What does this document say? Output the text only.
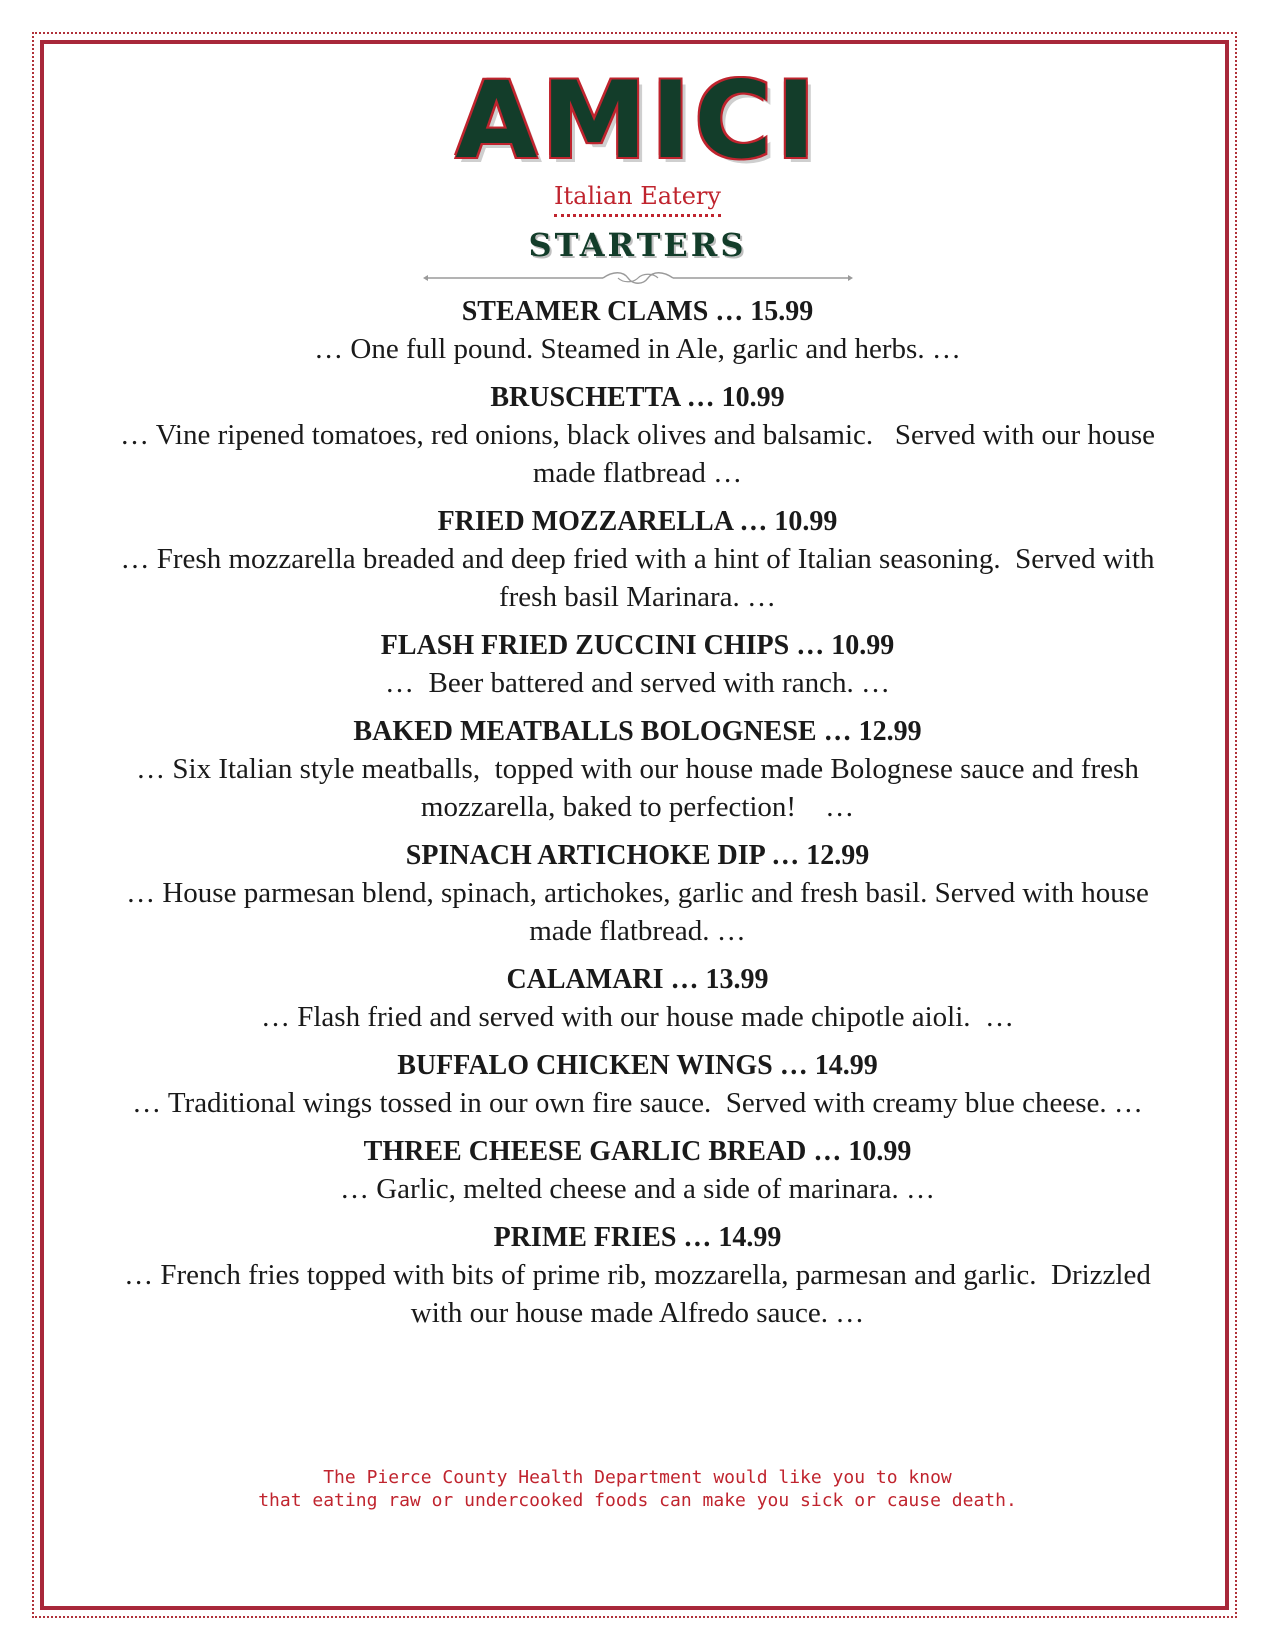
AMICI
Italian Eatery
STARTERS
STEAMER CLAMS … 15.99
… One full pound. Steamed in Ale, garlic and herbs. …
BRUSCHETTA … 10.99
… Vine ripened tomatoes, red onions, black olives and balsamic.   Served with our house made flatbread …
FRIED MOZZARELLA … 10.99
… Fresh mozzarella breaded and deep fried with a hint of Italian seasoning.  Served with fresh basil Marinara. …
FLASH FRIED ZUCCINI CHIPS … 10.99
…  Beer battered and served with ranch. …
BAKED MEATBALLS BOLOGNESE … 12.99
… Six Italian style meatballs,  topped with our house made Bolognese sauce and fresh mozzarella, baked to perfection!    …
SPINACH ARTICHOKE DIP … 12.99
… House parmesan blend, spinach, artichokes, garlic and fresh basil. Served with house made flatbread. …
CALAMARI … 13.99
… Flash fried and served with our house made chipotle aioli.  …
BUFFALO CHICKEN WINGS … 14.99
… Traditional wings tossed in our own fire sauce.  Served with creamy blue cheese. …
THREE CHEESE GARLIC BREAD … 10.99
… Garlic, melted cheese and a side of marinara. …
PRIME FRIES … 14.99
… French fries topped with bits of prime rib, mozzarella, parmesan and garlic.  Drizzled with our house made Alfredo sauce. …
The Pierce County Health Department would like you to know
that eating raw or undercooked foods can make you sick or cause death.
